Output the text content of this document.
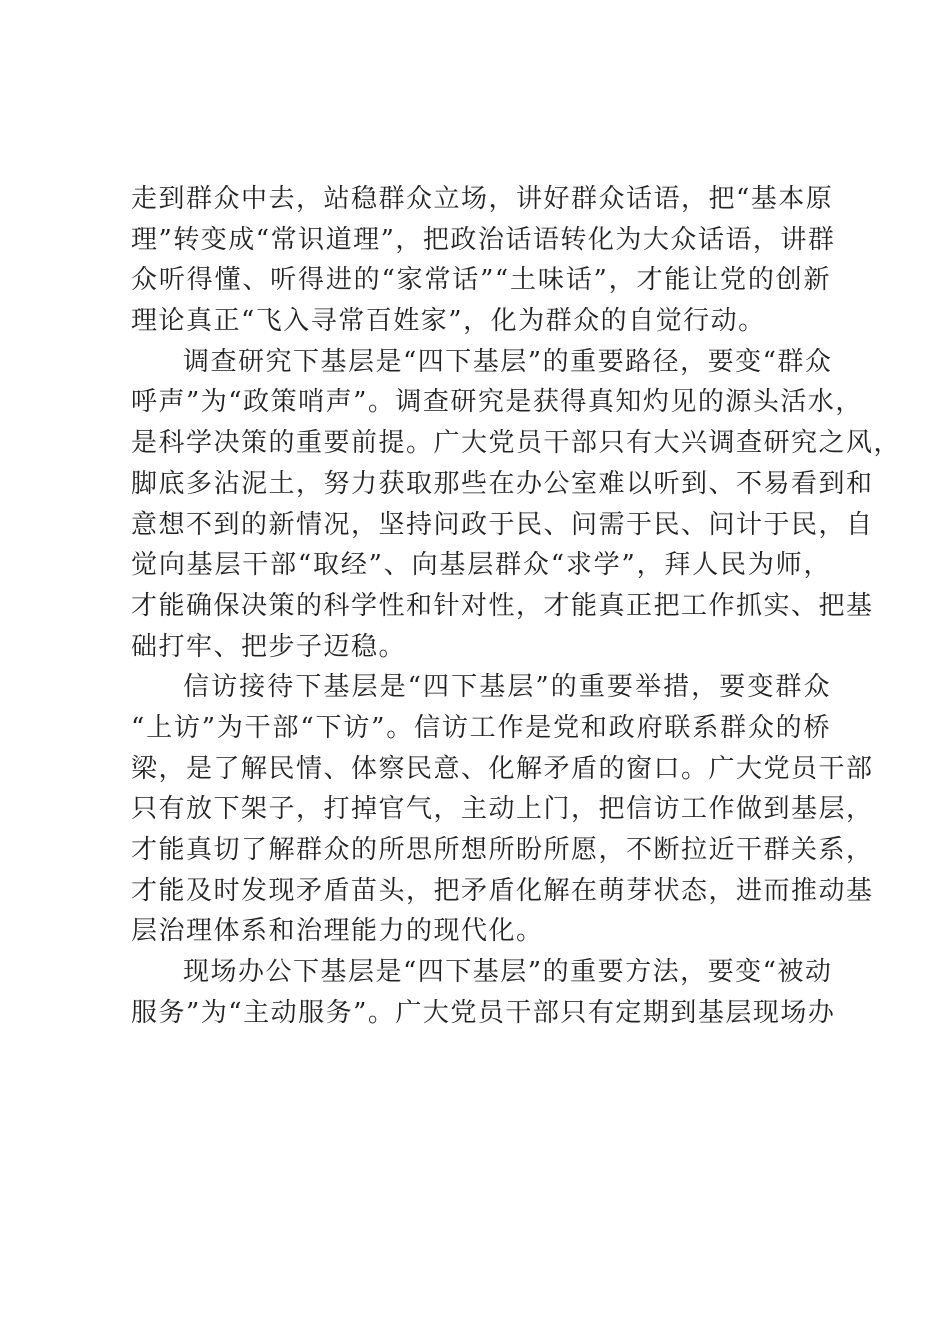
走到群众中去，站稳群众立场，讲好群众话语，把“基本原
理”转变成“常识道理”，把政治话语转化为大众话语，讲群
众听得懂、听得进的“家常话”“土味话”，才能让党的创新
理论真正“飞入寻常百姓家”，化为群众的自觉行动。
调查研究下基层是“四下基层”的重要路径，要变“群众
呼声”为“政策哨声”。调查研究是获得真知灼见的源头活水，
是科学决策的重要前提。广大党员干部只有大兴调查研究之风，
脚底多沾泥土，努力获取那些在办公室难以听到、不易看到和
意想不到的新情况，坚持问政于民、问需于民、问计于民，自
觉向基层干部“取经”、向基层群众“求学”，拜人民为师，
才能确保决策的科学性和针对性，才能真正把工作抓实、把基
础打牢、把步子迈稳。
信访接待下基层是“四下基层”的重要举措，要变群众
“上访”为干部“下访”。信访工作是党和政府联系群众的桥
梁，是了解民情、体察民意、化解矛盾的窗口。广大党员干部
只有放下架子，打掉官气，主动上门，把信访工作做到基层，
才能真切了解群众的所思所想所盼所愿，不断拉近干群关系，
才能及时发现矛盾苗头，把矛盾化解在萌芽状态，进而推动基
层治理体系和治理能力的现代化。
现场办公下基层是“四下基层”的重要方法，要变“被动
服务”为“主动服务”。广大党员干部只有定期到基层现场办
